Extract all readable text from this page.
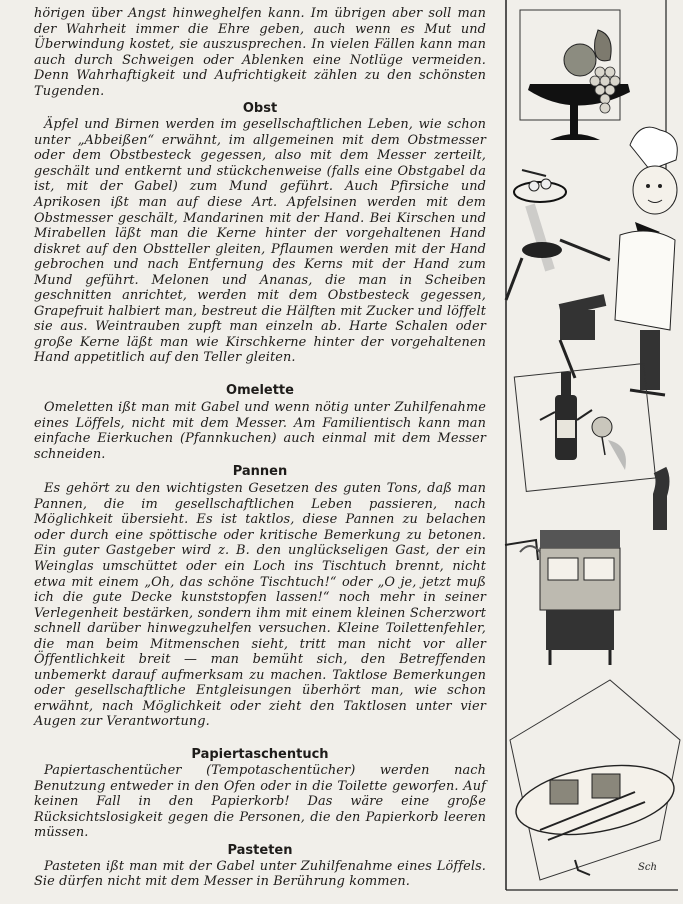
hörigen über Angst hinweghelfen kann. Im übrigen aber soll man der Wahrheit immer die Ehre geben, auch wenn es Mut und Überwindung kostet, sie auszusprechen. In vielen Fällen kann man auch durch Schweigen oder Ablenken eine Notlüge vermeiden. Denn Wahrhaftigkeit und Aufrichtigkeit zählen zu den schönsten Tugenden.

Obst

Äpfel und Birnen werden im gesellschaftlichen Leben, wie schon unter „Abbeißen“ erwähnt, im allgemeinen mit dem Obstmesser oder dem Obstbesteck gegessen, also mit dem Messer zerteilt, geschält und entkernt und stückchenweise (falls eine Obstgabel da ist, mit der Gabel) zum Mund geführt. Auch Pfirsiche und Aprikosen ißt man auf diese Art. Apfelsinen werden mit dem Obstmesser geschält, Mandarinen mit der Hand. Bei Kirschen und Mirabellen läßt man die Kerne hinter der vorgehaltenen Hand diskret auf den Obstteller gleiten, Pflaumen werden mit der Hand gebrochen und nach Entfernung des Kerns mit der Hand zum Mund geführt. Melonen und Ananas, die man in Scheiben geschnitten anrichtet, werden mit dem Obstbesteck gegessen, Grapefruit halbiert man, bestreut die Hälften mit Zucker und löffelt sie aus. Weintrauben zupft man einzeln ab. Harte Schalen oder große Kerne läßt man wie Kirschkerne hinter der vorgehaltenen Hand appetitlich auf den Teller gleiten.

Omelette

Omeletten ißt man mit Gabel und wenn nötig unter Zuhilfenahme eines Löffels, nicht mit dem Messer. Am Familientisch kann man einfache Eierkuchen (Pfannkuchen) auch einmal mit dem Messer schneiden.

Pannen

Es gehört zu den wichtigsten Gesetzen des guten Tons, daß man Pannen, die im gesellschaftlichen Leben passieren, nach Möglichkeit übersieht. Es ist taktlos, diese Pannen zu belachen oder durch eine spöttische oder kritische Bemerkung zu betonen. Ein guter Gastgeber wird z. B. den unglückseligen Gast, der ein Weinglas umschüttet oder ein Loch ins Tischtuch brennt, nicht etwa mit einem „Oh, das schöne Tischtuch!“ oder „O je, jetzt muß ich die gute Decke kunststopfen lassen!“ noch mehr in seiner Verlegenheit bestärken, sondern ihm mit einem kleinen Scherzwort schnell darüber hinwegzuhelfen versuchen. Kleine Toilettenfehler, die man beim Mitmenschen sieht, tritt man nicht vor aller Öffentlichkeit breit — man bemüht sich, den Betreffenden unbemerkt darauf aufmerksam zu machen. Taktlose Bemerkungen oder gesellschaftliche Entgleisungen überhört man, wie schon erwähnt, nach Möglichkeit oder zieht den Taktlosen unter vier Augen zur Verantwortung.

Papiertaschentuch

Papiertaschentücher (Tempotaschentücher) werden nach Benutzung entweder in den Ofen oder in die Toilette geworfen. Auf keinen Fall in den Papierkorb! Das wäre eine große Rücksichtslosigkeit gegen die Personen, die den Papierkorb leeren müssen.

Pasteten

Pasteten ißt man mit der Gabel unter Zuhilfenahme eines Löffels. Sie dürfen nicht mit dem Messer in Berührung kommen.

Sch
